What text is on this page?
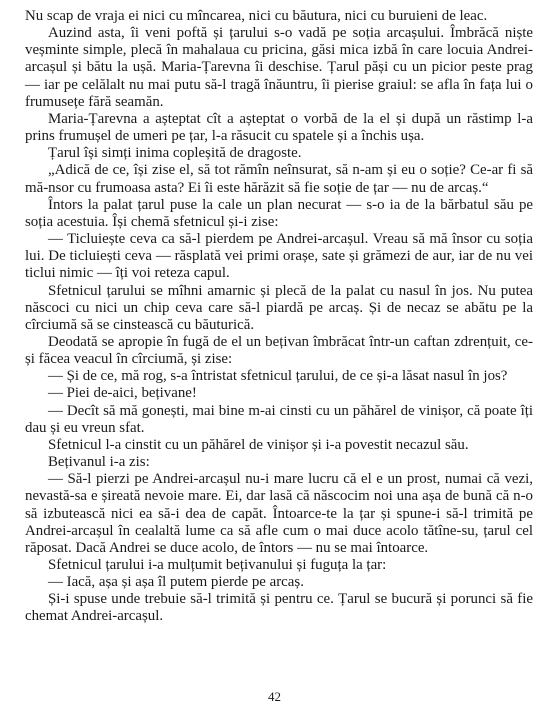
Nu scap de vraja ei nici cu mîncarea, nici cu băutura, nici cu buruieni de leac.

Auzind asta, îi veni poftă și țarului s-o vadă pe soția arcașului. Îmbrăcă niște veșminte simple, plecă în mahalaua cu pricina, găsi mica izbă în care locuia Andrei-arcașul și bătu la ușă. Maria-Țarevna îi deschise. Țarul păși cu un picior peste prag — iar pe celălalt nu mai putu să-l tragă înăuntru, îi pierise graiul: se afla în fața lui o frumusețe fără seamăn.

Maria-Țarevna a așteptat cît a așteptat o vorbă de la el și după un răstimp l-a prins frumușel de umeri pe țar, l-a răsucit cu spatele și a închis ușa.

Țarul își simți inima copleșită de dragoste.

„Adică de ce, își zise el, să tot rămîn neînsurat, să n-am și eu o soție? Ce-ar fi să mă-nsor cu frumoasa asta? Ei îi este hărăzit să fie soție de țar — nu de arcaș.“

Întors la palat țarul puse la cale un plan necurat — s-o ia de la bărbatul său pe soția acestuia. Își chemă sfetnicul și-i zise:

— Ticluiește ceva ca să-l pierdem pe Andrei-arcașul. Vreau să mă însor cu soția lui. De ticluiești ceva — răsplată vei primi orașe, sate și grămezi de aur, iar de nu vei ticlui nimic — îți voi reteza capul.

Sfetnicul țarului se mîhni amarnic și plecă de la palat cu nasul în jos. Nu putea născoci cu nici un chip ceva care să-l piardă pe arcaș. Și de necaz se abătu pe la cîrciumă să se cinstească cu băuturică.

Deodată se apropie în fugă de el un bețivan îmbrăcat într-un caftan zdrențuit, ce-și făcea veacul în cîrciumă, și zise:

— Și de ce, mă rog, s-a întristat sfetnicul țarului, de ce și-a lăsat nasul în jos?

— Piei de-aici, bețivane!

— Decît să mă gonești, mai bine m-ai cinsti cu un păhărel de vinișor, că poate îți dau și eu vreun sfat.

Sfetnicul l-a cinstit cu un păhărel de vinișor și i-a povestit necazul său.

Bețivanul i-a zis:

— Să-l pierzi pe Andrei-arcașul nu-i mare lucru că el e un prost, numai că vezi, nevastă-sa e șireată nevoie mare. Ei, dar lasă că născocim noi una așa de bună că n-o să izbutească nici ea să-i dea de capăt. Întoarce-te la țar și spune-i să-l trimită pe Andrei-arcașul în cealaltă lume ca să afle cum o mai duce acolo tătîne-su, țarul cel răposat. Dacă Andrei se duce acolo, de întors — nu se mai întoarce.

Sfetnicul țarului i-a mulțumit bețivanului și fuguța la țar:

— Iacă, așa și așa îl putem pierde pe arcaș.

Și-i spuse unde trebuie să-l trimită și pentru ce. Țarul se bucură și porunci să fie chemat Andrei-arcașul.

42
